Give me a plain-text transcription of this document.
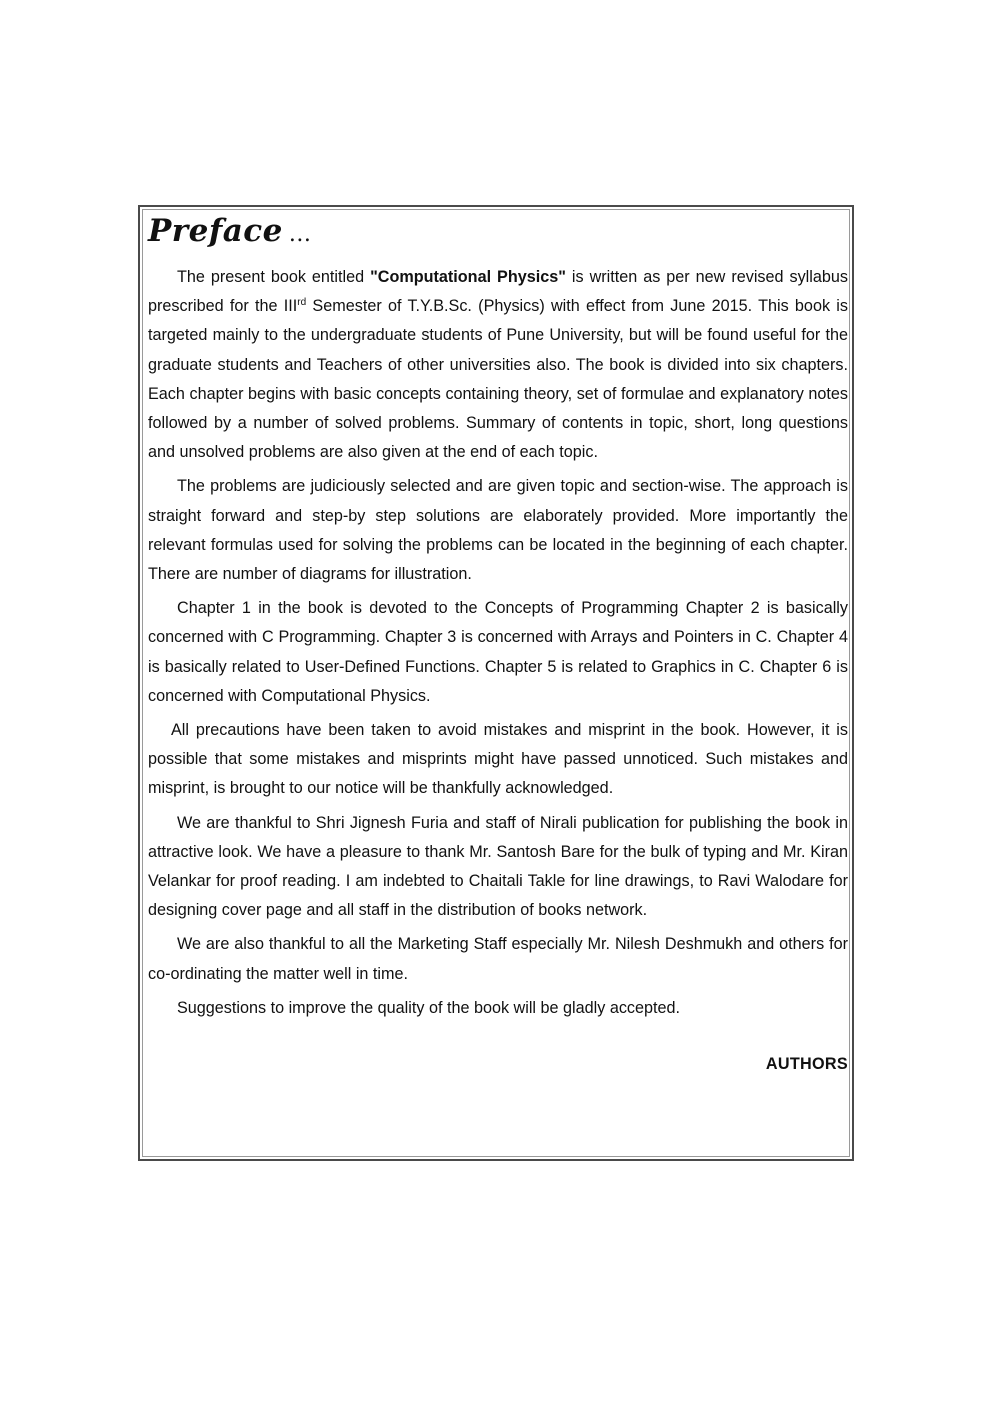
Preface ...

The present book entitled "Computational Physics" is written as per new revised syllabus prescribed for the IIIrd Semester of T.Y.B.Sc. (Physics) with effect from June 2015. This book is targeted mainly to the undergraduate students of Pune University, but will be found useful for the graduate students and Teachers of other universities also. The book is divided into six chapters. Each chapter begins with basic concepts containing theory, set of formulae and explanatory notes followed by a number of solved problems. Summary of contents in topic, short, long questions and unsolved problems are also given at the end of each topic.

The problems are judiciously selected and are given topic and section-wise. The approach is straight forward and step-by step solutions are elaborately provided. More importantly the relevant formulas used for solving the problems can be located in the beginning of each chapter. There are number of diagrams for illustration.

Chapter 1 in the book is devoted to the Concepts of Programming Chapter 2 is basically concerned with C Programming. Chapter 3 is concerned with Arrays and Pointers in C. Chapter 4 is basically related to User-Defined Functions. Chapter 5 is related to Graphics in C. Chapter 6 is concerned with Computational Physics.

All precautions have been taken to avoid mistakes and misprint in the book. However, it is possible that some mistakes and misprints might have passed unnoticed. Such mistakes and misprint, is brought to our notice will be thankfully acknowledged.

We are thankful to Shri Jignesh Furia and staff of Nirali publication for publishing the book in attractive look. We have a pleasure to thank Mr. Santosh Bare for the bulk of typing and Mr. Kiran Velankar for proof reading. I am indebted to Chaitali Takle for line drawings, to Ravi Walodare for designing cover page and all staff in the distribution of books network.

We are also thankful to all the Marketing Staff especially Mr. Nilesh Deshmukh and others for co-ordinating the matter well in time.

Suggestions to improve the quality of the book will be gladly accepted.

AUTHORS
